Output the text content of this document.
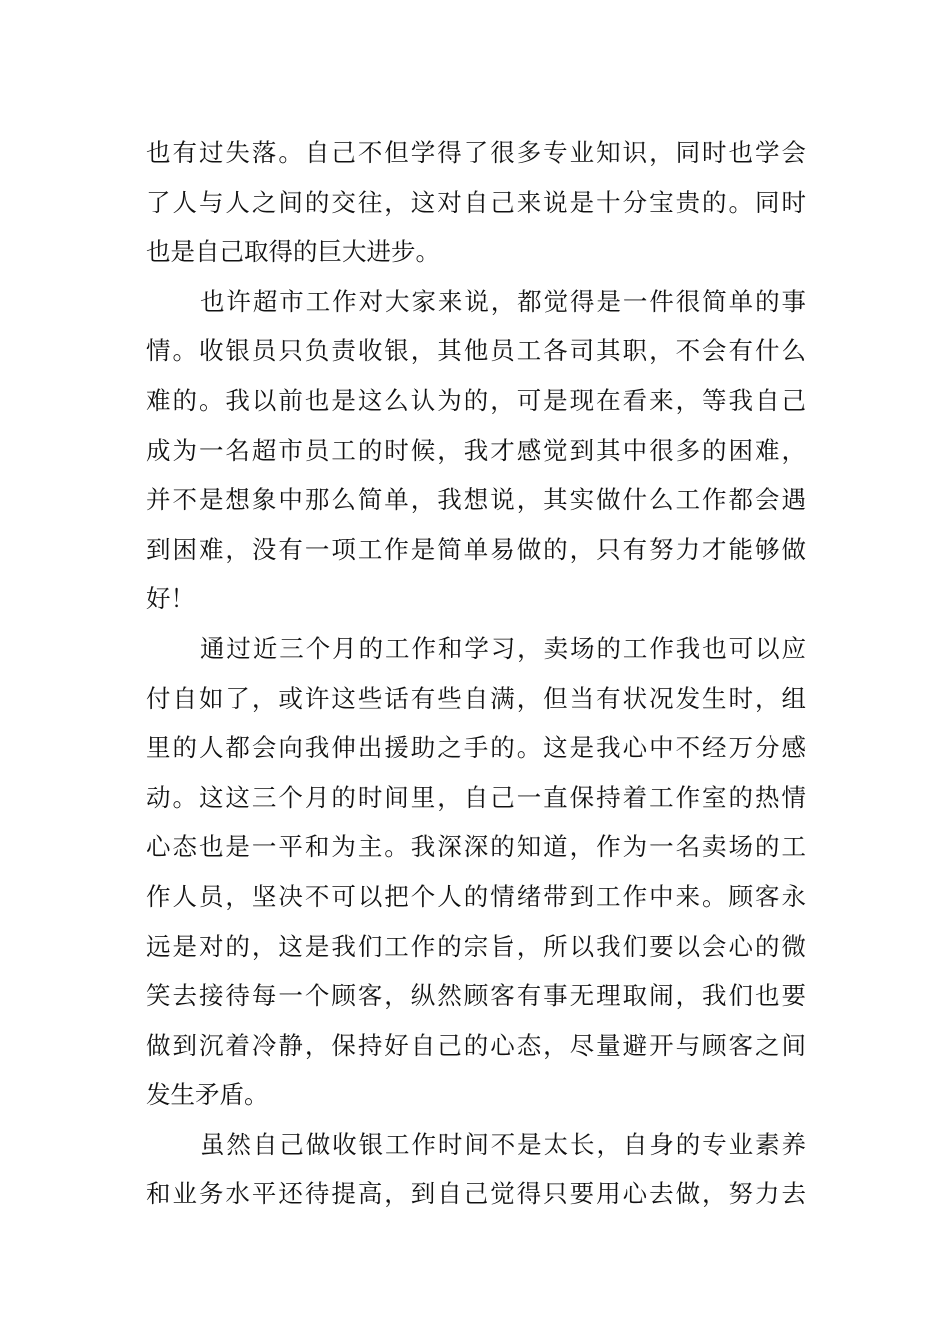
也有过失落。自己不但学得了很多专业知识，同时也学会
了人与人之间的交往，这对自己来说是十分宝贵的。同时
也是自己取得的巨大进步。
也许超市工作对大家来说，都觉得是一件很简单的事
情。收银员只负责收银，其他员工各司其职，不会有什么
难的。我以前也是这么认为的，可是现在看来，等我自己
成为一名超市员工的时候，我才感觉到其中很多的困难，
并不是想象中那么简单，我想说，其实做什么工作都会遇
到困难，没有一项工作是简单易做的，只有努力才能够做
好！
通过近三个月的工作和学习，卖场的工作我也可以应
付自如了，或许这些话有些自满，但当有状况发生时，组
里的人都会向我伸出援助之手的。这是我心中不经万分感
动。这这三个月的时间里，自己一直保持着工作室的热情
心态也是一平和为主。我深深的知道，作为一名卖场的工
作人员，坚决不可以把个人的情绪带到工作中来。顾客永
远是对的，这是我们工作的宗旨，所以我们要以会心的微
笑去接待每一个顾客，纵然顾客有事无理取闹，我们也要
做到沉着冷静，保持好自己的心态，尽量避开与顾客之间
发生矛盾。
虽然自己做收银工作时间不是太长，自身的专业素养
和业务水平还待提高，到自己觉得只要用心去做，努力去
